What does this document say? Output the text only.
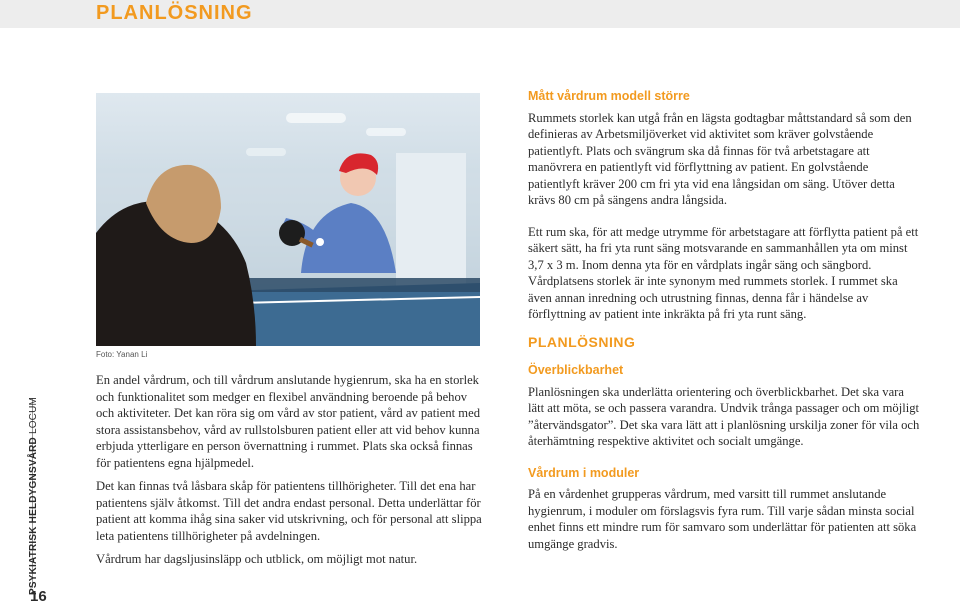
PLANLÖSNING
PSYKIATRISK HELDYGNSVÅRD LOCUM
16
Foto: Yanan Li

En andel vårdrum, och till vårdrum anslutande hygienrum, ska ha en storlek och funktionalitet som medger en flexibel användning beroende på behov och aktiviteter. Det kan röra sig om vård av stor patient, vård av patient med stora assistansbehov, vård av rullstolsburen patient eller att vid behov kunna erbjuda ytterligare en person övernattning i rummet. Plats ska också finnas för patientens egna hjälpmedel.

Det kan finnas två låsbara skåp för patientens tillhörigheter. Till det ena har patientens själv åtkomst. Till det andra endast personal. Detta underlättar för patient att komma ihåg sina saker vid utskrivning, och för personal att slippa leta patientens tillhörigheter på avdelningen.

Vårdrum har dagsljusinsläpp och utblick, om möjligt mot natur.

Mått vårdrum modell större

Rummets storlek kan utgå från en lägsta godtagbar måttstandard så som den definieras av Arbetsmiljöverket vid aktivitet som kräver golvstående patientlyft. Plats och svängrum ska då finnas för två arbetstagare att manövrera en patientlyft vid förflyttning av patient. En golvstående patientlyft kräver 200 cm fri yta vid ena långsidan om säng. Utöver detta krävs 80 cm på sängens andra långsida.

Ett rum ska, för att medge utrymme för arbetstagare att förflytta patient på ett säkert sätt, ha fri yta runt säng motsvarande en sammanhållen yta om minst 3,7 x 3 m. Inom denna yta för en vårdplats ingår säng och sängbord. Vårdplatsens storlek är inte synonym med rummets storlek. I rummet ska även annan inredning och utrustning finnas, denna får i händelse av förflyttning av patient inte inkräkta på fri yta runt säng.

PLANLÖSNING
Överblickbarhet

Planlösningen ska underlätta orientering och överblickbarhet. Det ska vara lätt att möta, se och passera varandra. Undvik trånga passager och om möjligt ”återvändsgator”. Det ska vara lätt att i planlösning urskilja zoner för vila och återhämtning respektive aktivitet och socialt umgänge.

Vårdrum i moduler

På en vårdenhet grupperas vårdrum, med varsitt till rummet anslutande hygienrum, i moduler om förslagsvis fyra rum. Till varje sådan minsta social enhet finns ett mindre rum för samvaro som underlättar för patienten att söka umgänge gradvis.
